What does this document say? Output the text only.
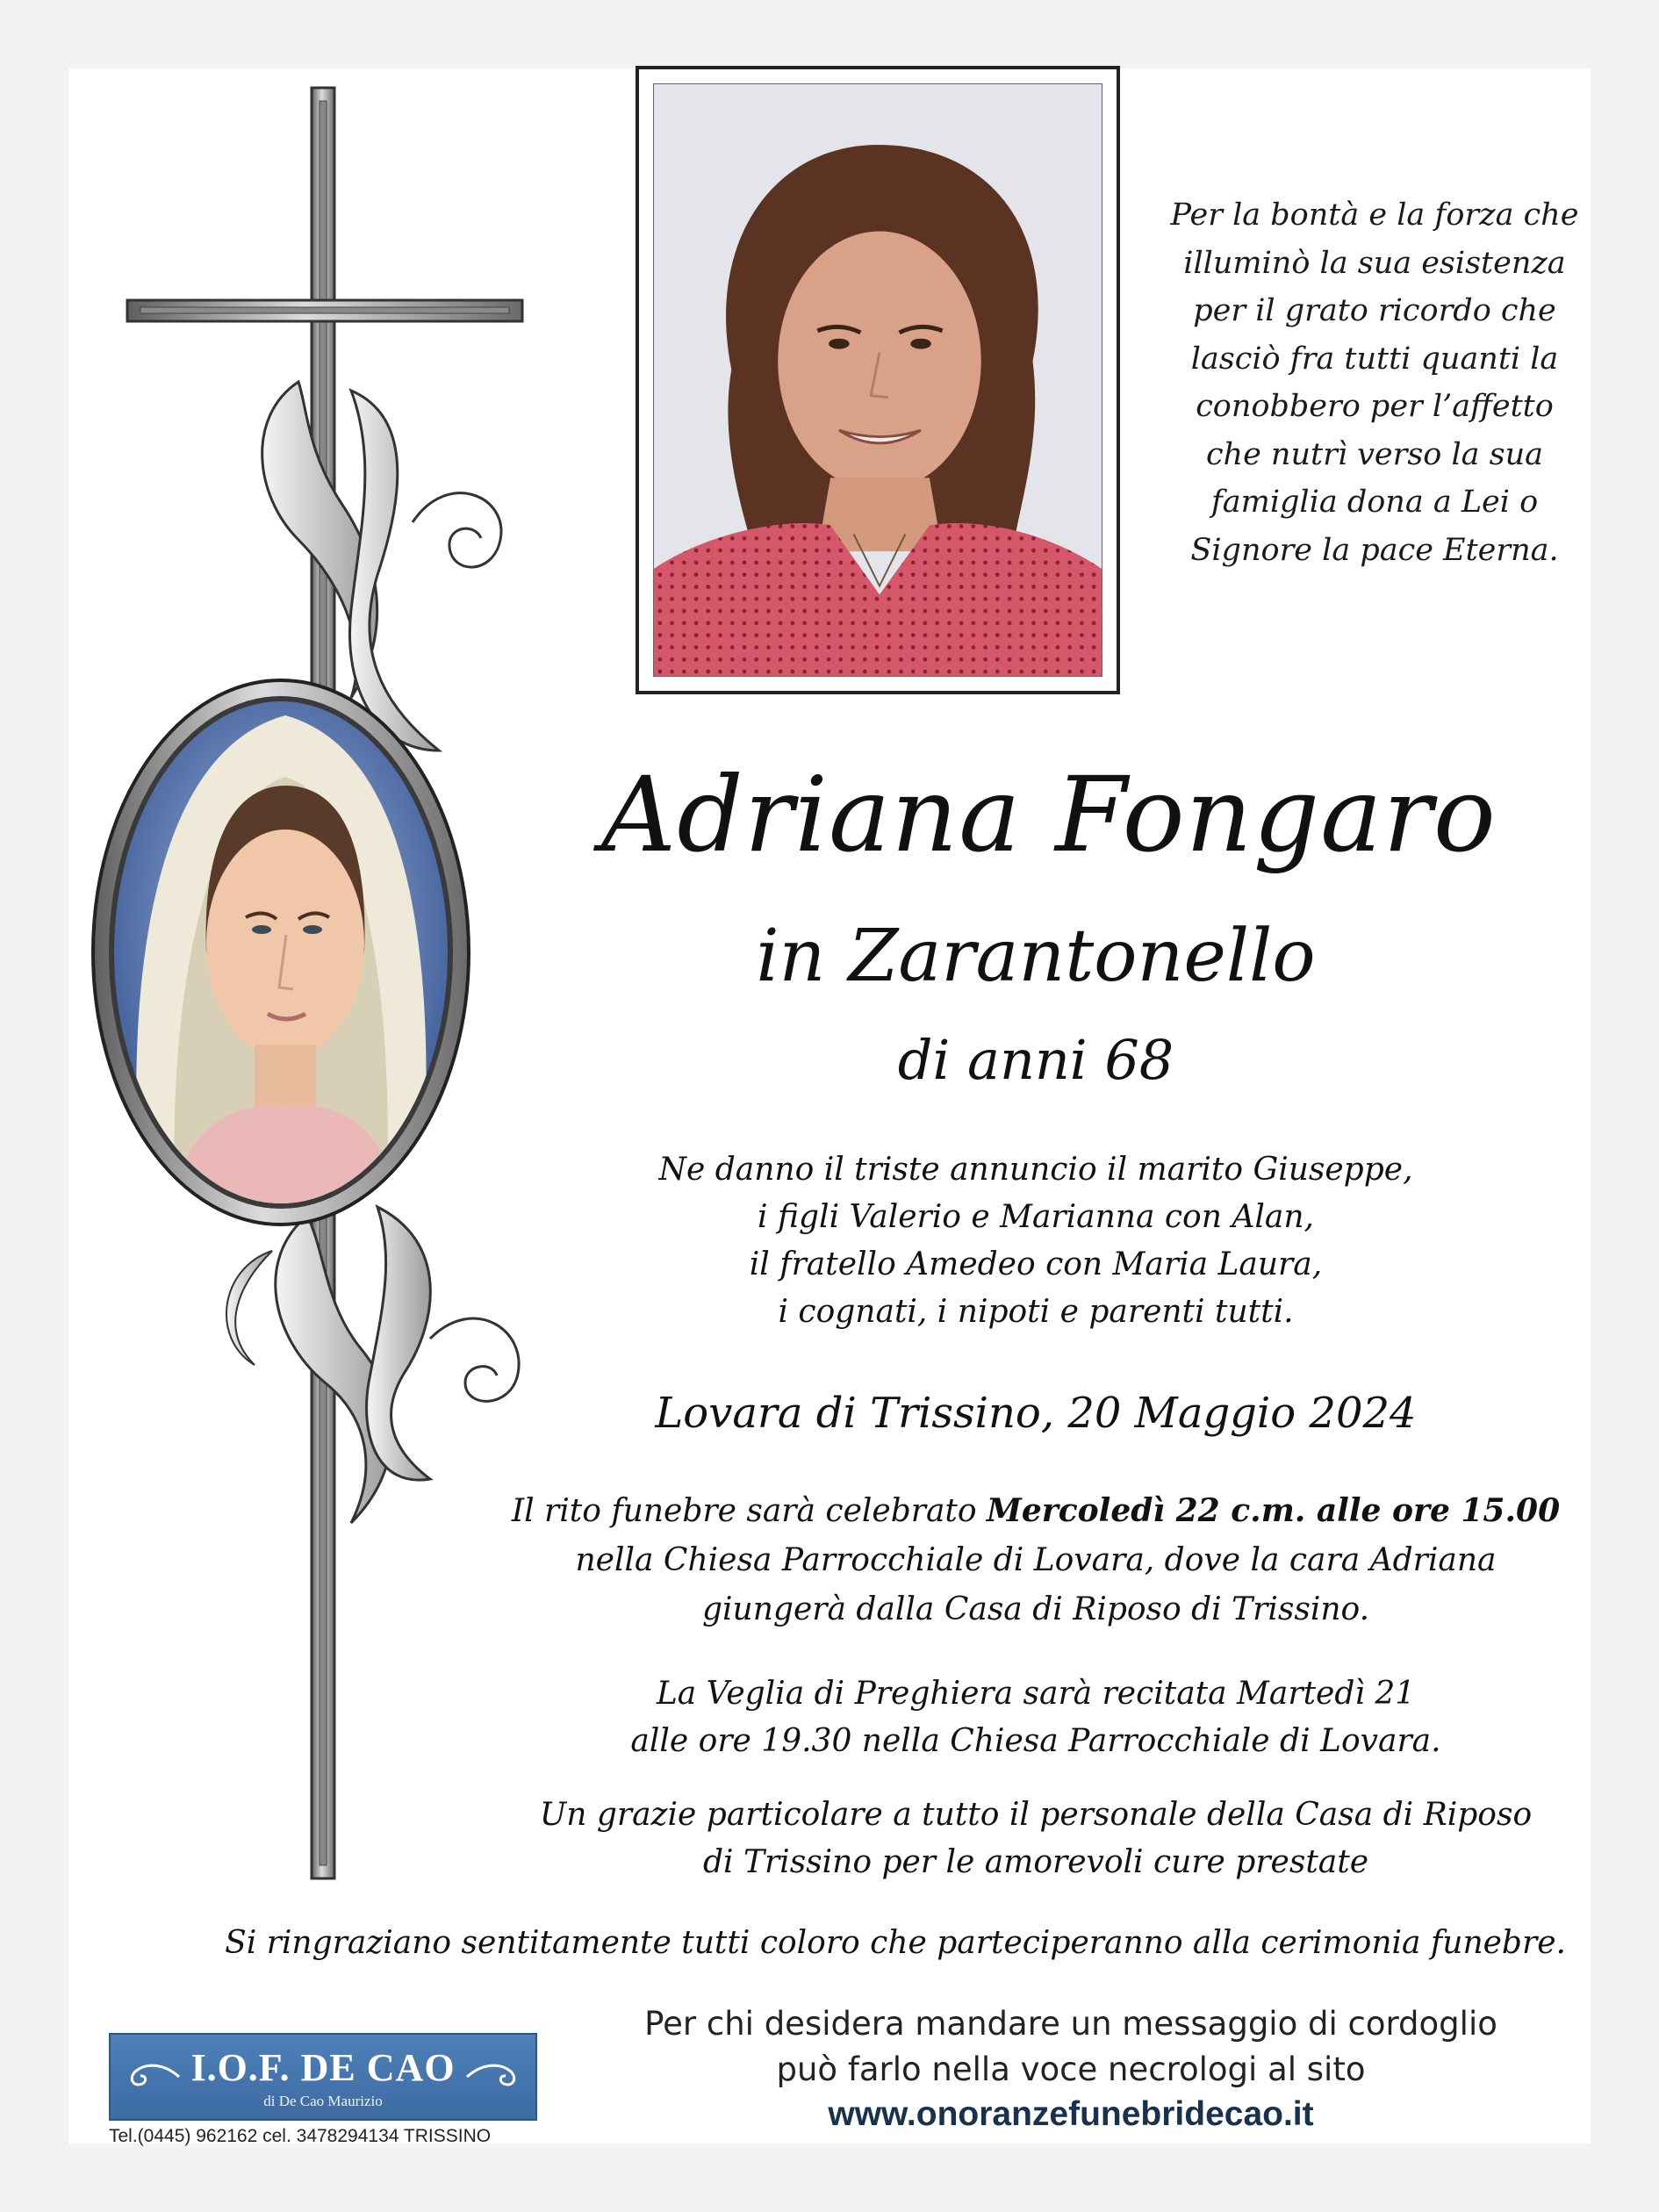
Per la bontà e la forza che
illuminò la sua esistenza
per il grato ricordo che
lasciò fra tutti quanti la
conobbero per l’affetto
che nutrì verso la sua
famiglia dona a Lei o
Signore la pace Eterna.
Adriana Fongaro
in Zarantonello
di anni 68
Ne danno il triste annuncio il marito Giuseppe,
i figli Valerio e Marianna con Alan,
il fratello Amedeo con Maria Laura,
i cognati, i nipoti e parenti tutti.
Lovara di Trissino, 20 Maggio 2024
Il rito funebre sarà celebrato Mercoledì 22 c.m. alle ore 15.00
nella Chiesa Parrocchiale di Lovara, dove la cara Adriana
giungerà dalla Casa di Riposo di Trissino.
La Veglia di Preghiera sarà recitata Martedì 21
alle ore 19.30 nella Chiesa Parrocchiale di Lovara.
Un grazie particolare a tutto il personale della Casa di Riposo
di Trissino per le amorevoli cure prestate
Si ringraziano sentitamente tutti coloro che parteciperanno alla cerimonia funebre.
Per chi desidera mandare un messaggio di cordoglio
può farlo nella voce necrologi al sito
www.onoranzefunebridecao.it
I.O.F. DE CAO
di De Cao Maurizio
Tel.(0445) 962162 cel. 3478294134 TRISSINO
